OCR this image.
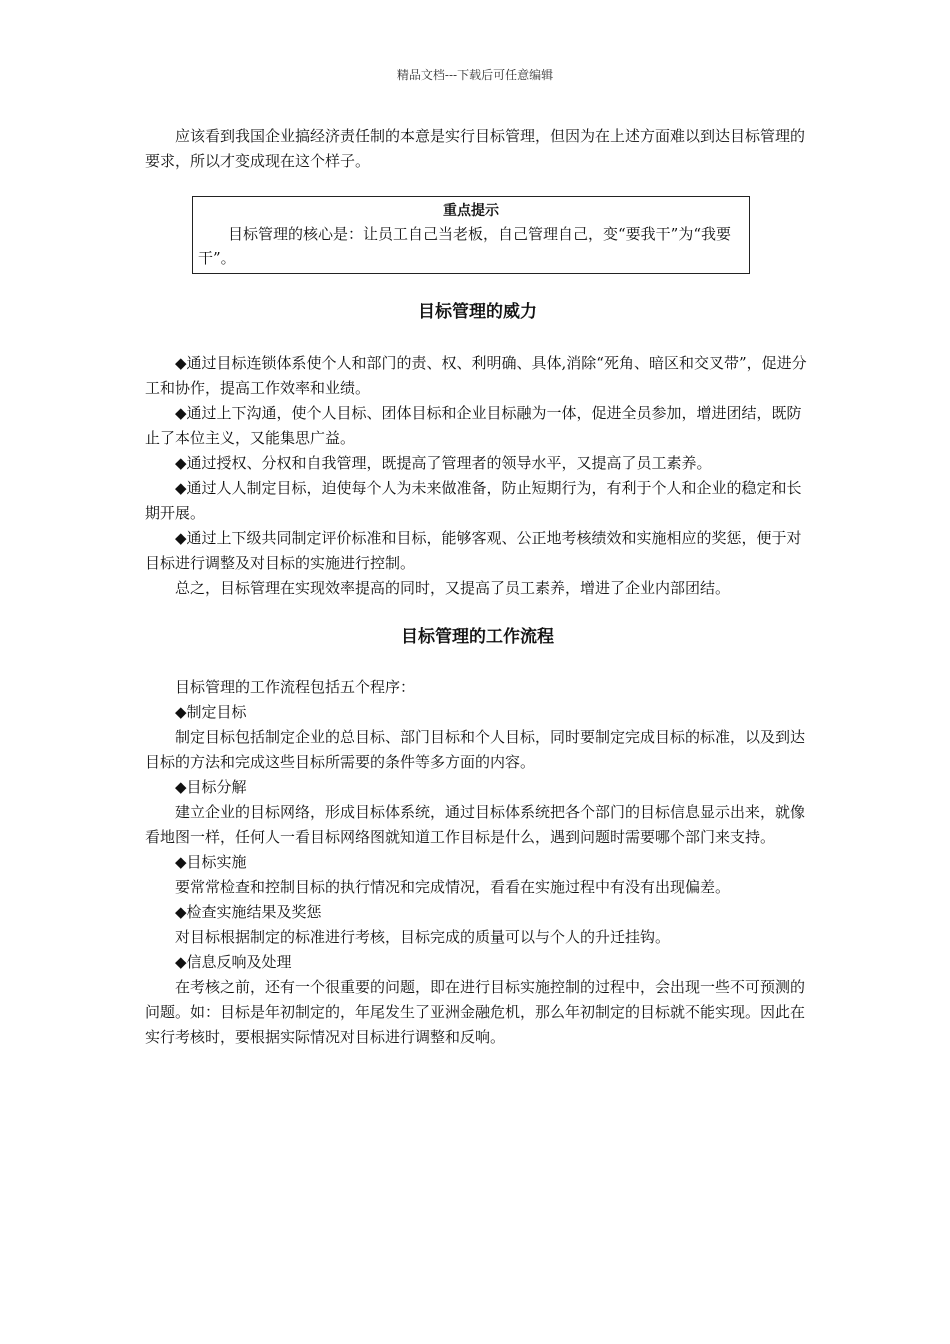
精品文档---下载后可任意编辑

应该看到我国企业搞经济责任制的本意是实行目标管理，但因为在上述方面难以到达目标管理的要求，所以才变成现在这个样子。

重点提示

目标管理的核心是：让员工自己当老板，自己管理自己，变“要我干”为“我要干”。

目标管理的威力

◆通过目标连锁体系使个人和部门的责、权、利明确、具体,消除“死角、暗区和交叉带”，促进分工和协作，提高工作效率和业绩。

◆通过上下沟通，使个人目标、团体目标和企业目标融为一体，促进全员参加，增进团结，既防止了本位主义，又能集思广益。

◆通过授权、分权和自我管理，既提高了管理者的领导水平，又提高了员工素养。

◆通过人人制定目标，迫使每个人为未来做准备，防止短期行为，有利于个人和企业的稳定和长期开展。

◆通过上下级共同制定评价标准和目标，能够客观、公正地考核绩效和实施相应的奖惩，便于对目标进行调整及对目标的实施进行控制。

总之，目标管理在实现效率提高的同时，又提高了员工素养，增进了企业内部团结。

目标管理的工作流程

目标管理的工作流程包括五个程序：

◆制定目标

制定目标包括制定企业的总目标、部门目标和个人目标，同时要制定完成目标的标准，以及到达目标的方法和完成这些目标所需要的条件等多方面的内容。

◆目标分解

建立企业的目标网络，形成目标体系统，通过目标体系统把各个部门的目标信息显示出来，就像看地图一样，任何人一看目标网络图就知道工作目标是什么，遇到问题时需要哪个部门来支持。

◆目标实施

要常常检查和控制目标的执行情况和完成情况，看看在实施过程中有没有出现偏差。

◆检查实施结果及奖惩

对目标根据制定的标准进行考核，目标完成的质量可以与个人的升迁挂钩。

◆信息反响及处理

在考核之前，还有一个很重要的问题，即在进行目标实施控制的过程中，会出现一些不可预测的问题。如：目标是年初制定的，年尾发生了亚洲金融危机，那么年初制定的目标就不能实现。因此在实行考核时，要根据实际情况对目标进行调整和反响。
